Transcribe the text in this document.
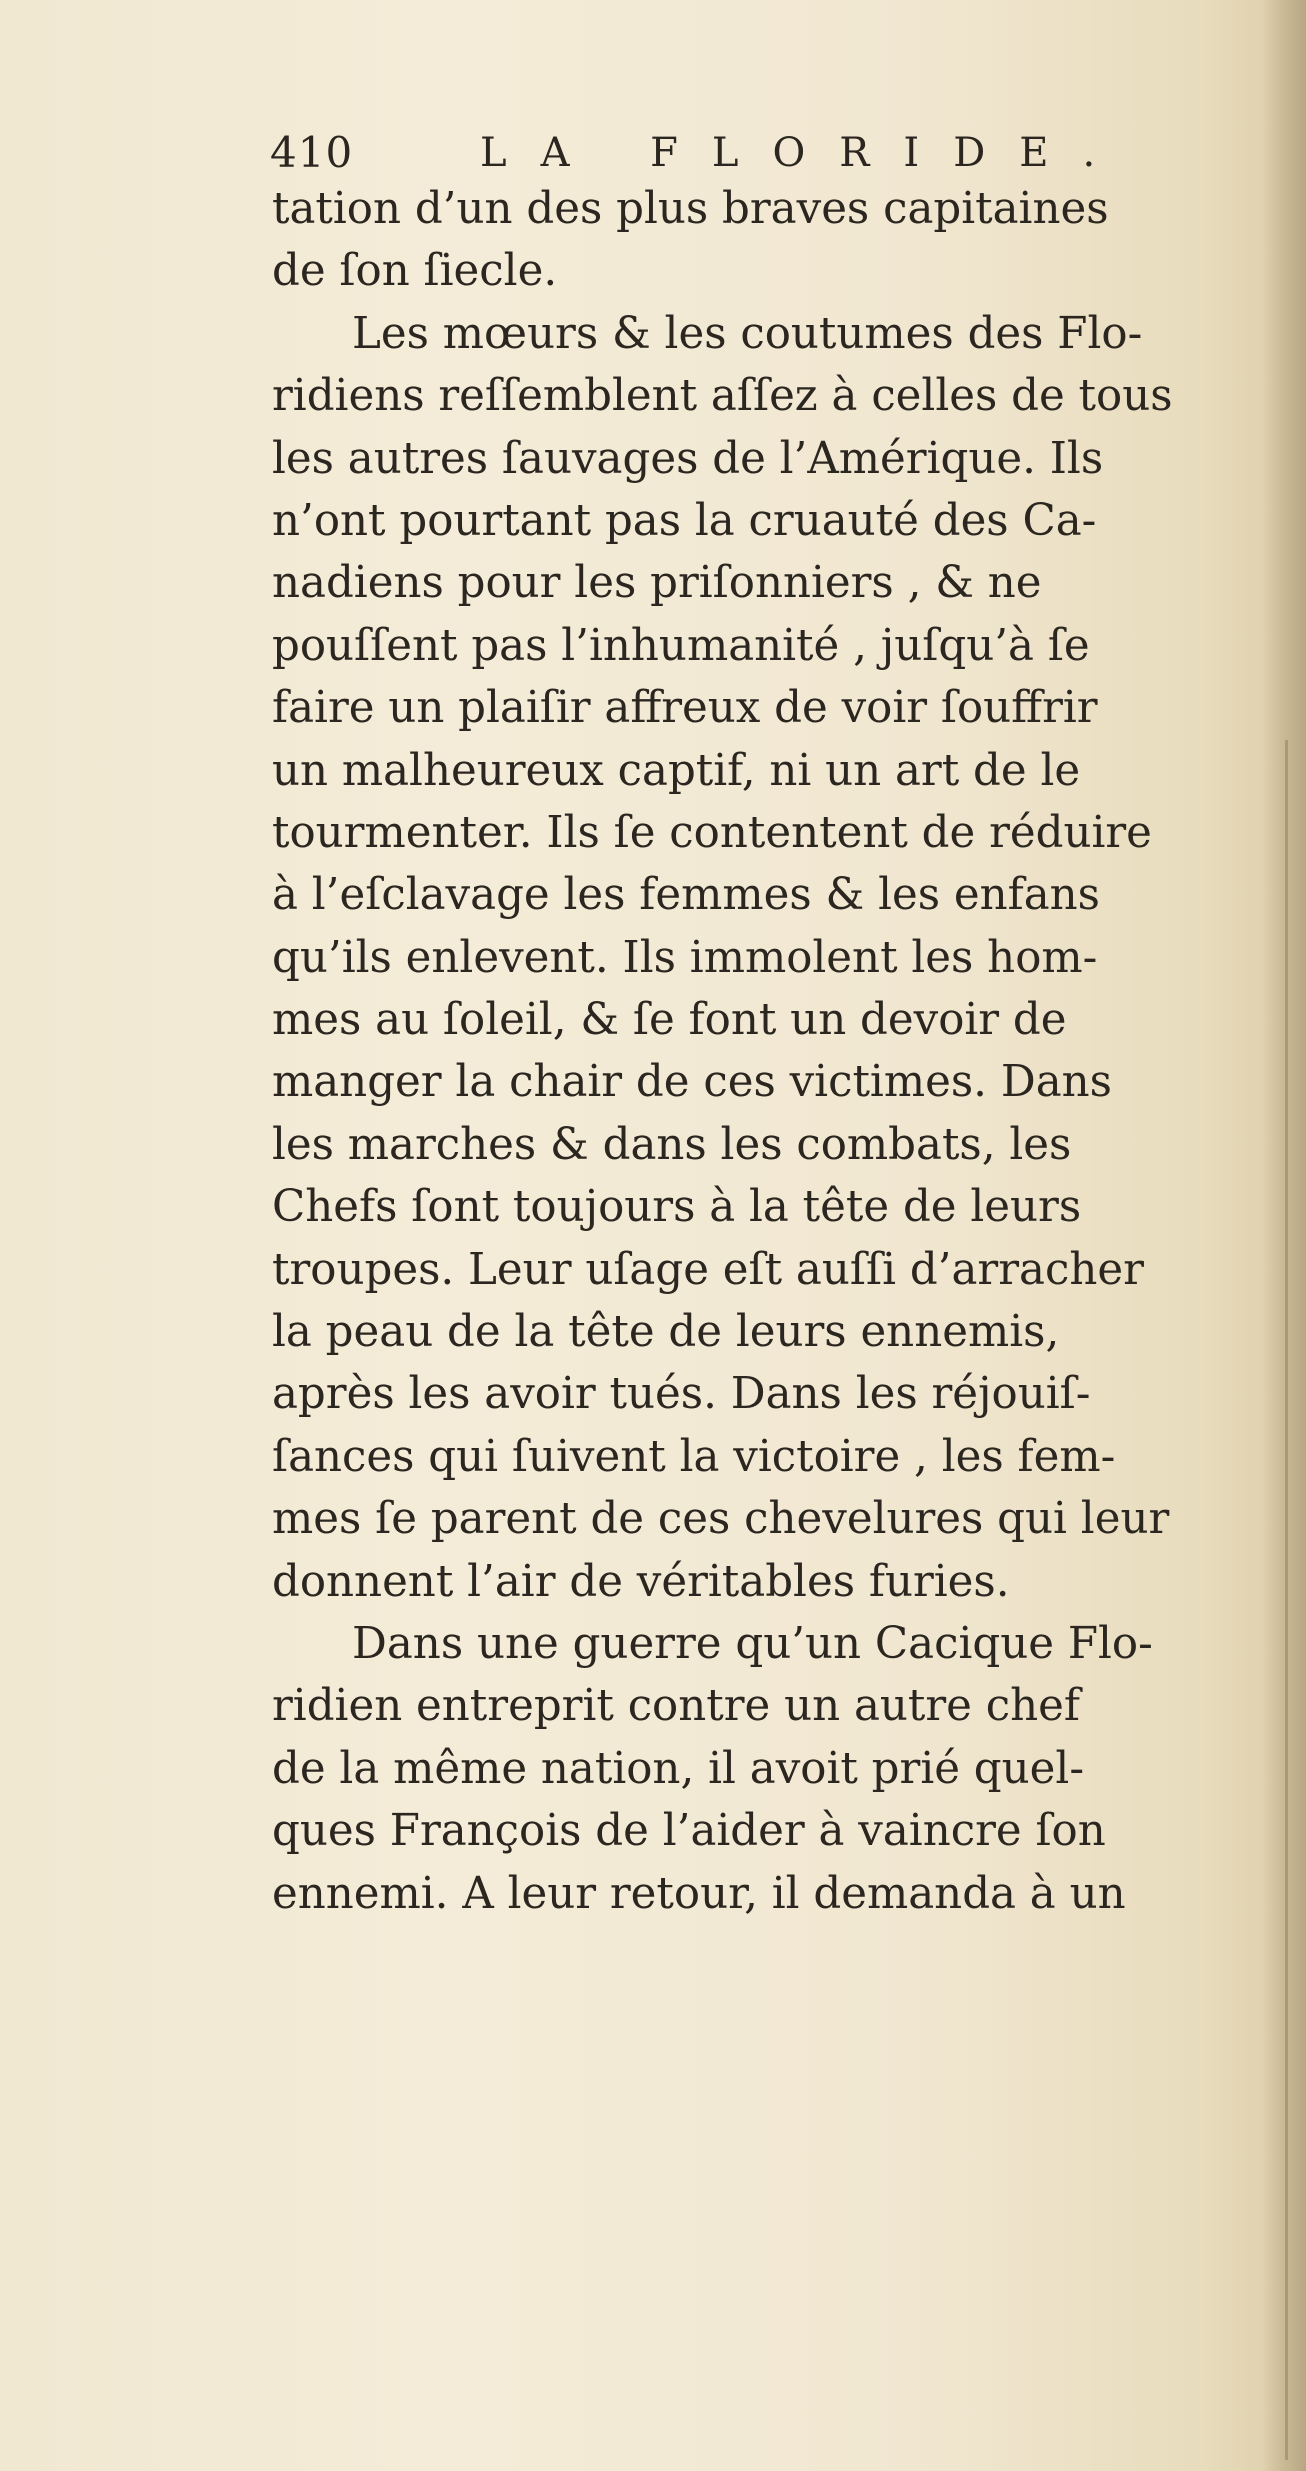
410	LA FLORIDE.
tation d’un des plus braves capitaines
de ſon ſiecle.
Les mœurs & les coutumes des Flo-
ridiens reſſemblent aſſez à celles de tous
les autres ſauvages de l’Amérique. Ils
n’ont pourtant pas la cruauté des Ca-
nadiens pour les priſonniers , & ne
pouſſent pas l’inhumanité , juſqu’à ſe
faire un plaiſir affreux de voir ſouffrir
un malheureux captif, ni un art de le
tourmenter. Ils ſe contentent de réduire
à l’eſclavage les femmes & les enfans
qu’ils enlevent. Ils immolent les hom-
mes au ſoleil, & ſe font un devoir de
manger la chair de ces victimes. Dans
les marches & dans les combats, les
Chefs ſont toujours à la tête de leurs
troupes. Leur uſage eſt auſſi d’arracher
la peau de la tête de leurs ennemis,
après les avoir tués. Dans les réjouiſ-
ſances qui ſuivent la victoire , les fem-
mes ſe parent de ces chevelures qui leur
donnent l’air de véritables furies.
Dans une guerre qu’un Cacique Flo-
ridien entreprit contre un autre chef
de la même nation, il avoit prié quel-
ques François de l’aider à vaincre ſon
ennemi. A leur retour, il demanda à un
